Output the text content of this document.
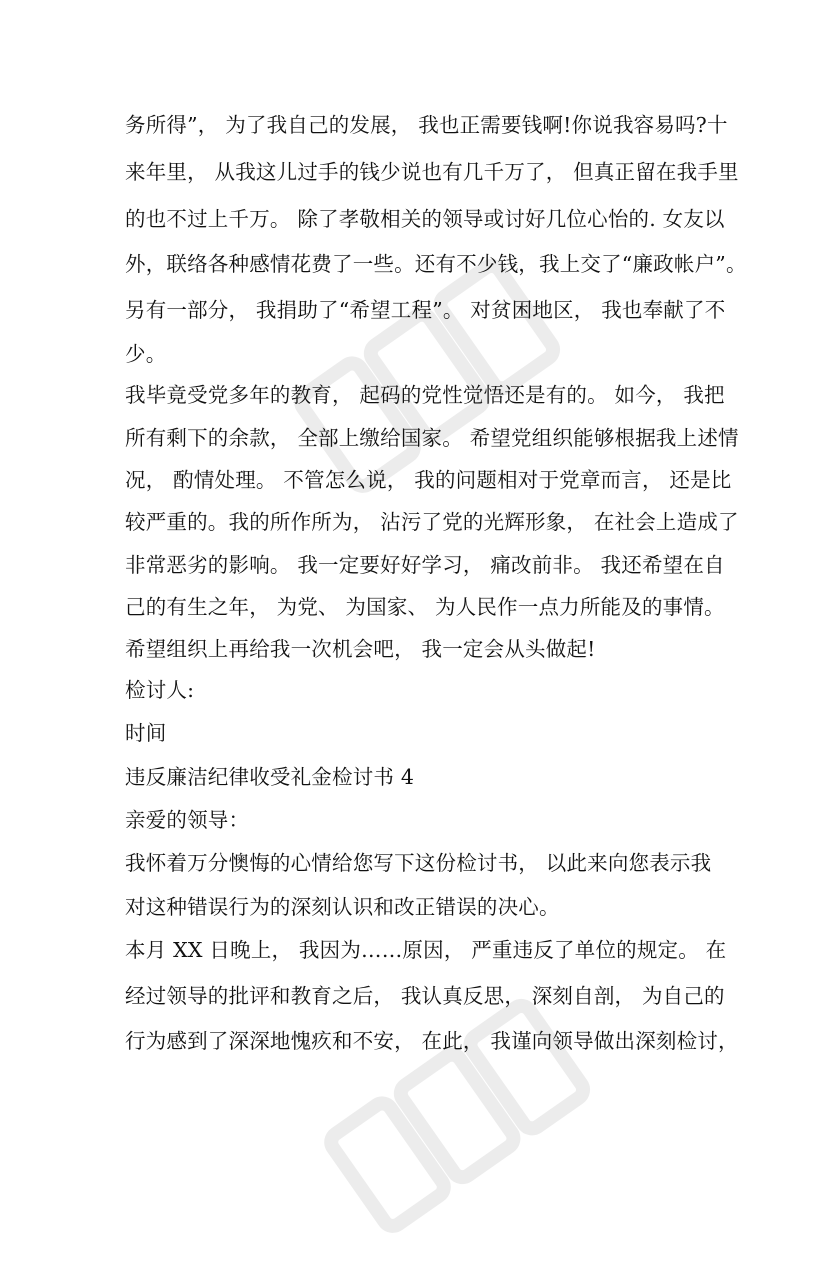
务所得”， 为了我自己的发展， 我也正需要钱啊!你说我容易吗?十
来年里， 从我这儿过手的钱少说也有几千万了， 但真正留在我手里
的也不过上千万。 除了孝敬相关的领导或讨好几位心怡的. 女友以
外，联络各种感情花费了一些。还有不少钱，我上交了“廉政帐户”。
另有一部分， 我捐助了“希望工程”。 对贫困地区， 我也奉献了不
少。
我毕竟受党多年的教育， 起码的党性觉悟还是有的。 如今， 我把
所有剩下的余款， 全部上缴给国家。 希望党组织能够根据我上述情
况， 酌情处理。 不管怎么说， 我的问题相对于党章而言， 还是比
较严重的。我的所作所为， 沾污了党的光辉形象， 在社会上造成了
非常恶劣的影响。 我一定要好好学习， 痛改前非。 我还希望在自
己的有生之年， 为党、 为国家、 为人民作一点力所能及的事情。
希望组织上再给我一次机会吧， 我一定会从头做起!
检讨人:
时间
违反廉洁纪律收受礼金检讨书 4
亲爱的领导：
我怀着万分懊悔的心情给您写下这份检讨书， 以此来向您表示我
对这种错误行为的深刻认识和改正错误的决心。
本月 XX 日晚上， 我因为……原因， 严重违反了单位的规定。 在
经过领导的批评和教育之后， 我认真反思， 深刻自剖， 为自己的
行为感到了深深地愧疚和不安， 在此， 我谨向领导做出深刻检讨，
